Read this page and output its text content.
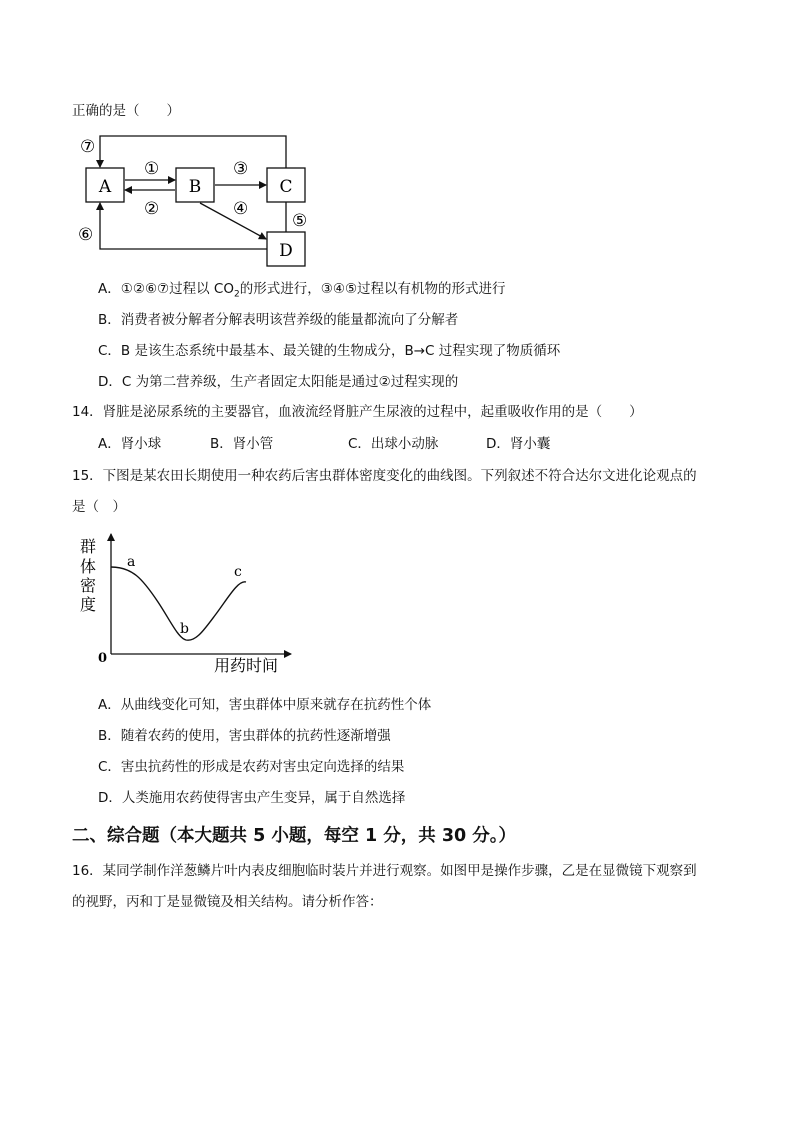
正确的是（　　）
A	B	C
D
⑦
①
②
③
④
⑤
⑥
A．①②⑥⑦过程以 $CO_2$的形式进行，③④⑤过程以有机物的形式进行
B．消费者被分解者分解表明该营养级的能量都流向了分解者
C．B 是该生态系统中最基本、最关键的生物成分，B→C 过程实现了物质循环
D．C 为第二营养级，生产者固定太阳能是通过②过程实现的
14．肾脏是泌尿系统的主要器官，血液流经肾脏产生尿液的过程中，起重吸收作用的是（　　）
A．肾小球	B．肾小管	C．出球小动脉	D．肾小囊
15．下图是某农田长期使用一种农药后害虫群体密度变化的曲线图。下列叙述不符合达尔文进化论观点的
是（　）
群
体
密
度
0	用药时间
a
b
c
A．从曲线变化可知，害虫群体中原来就存在抗药性个体
B．随着农药的使用，害虫群体的抗药性逐渐增强
C．害虫抗药性的形成是农药对害虫定向选择的结果
D．人类施用农药使得害虫产生变异，属于自然选择
二、综合题（本大题共 5 小题，每空 1 分，共 30 分。）
16．某同学制作洋葱鳞片叶内表皮细胞临时装片并进行观察。如图甲是操作步骤，乙是在显微镜下观察到
的视野，丙和丁是显微镜及相关结构。请分析作答：
